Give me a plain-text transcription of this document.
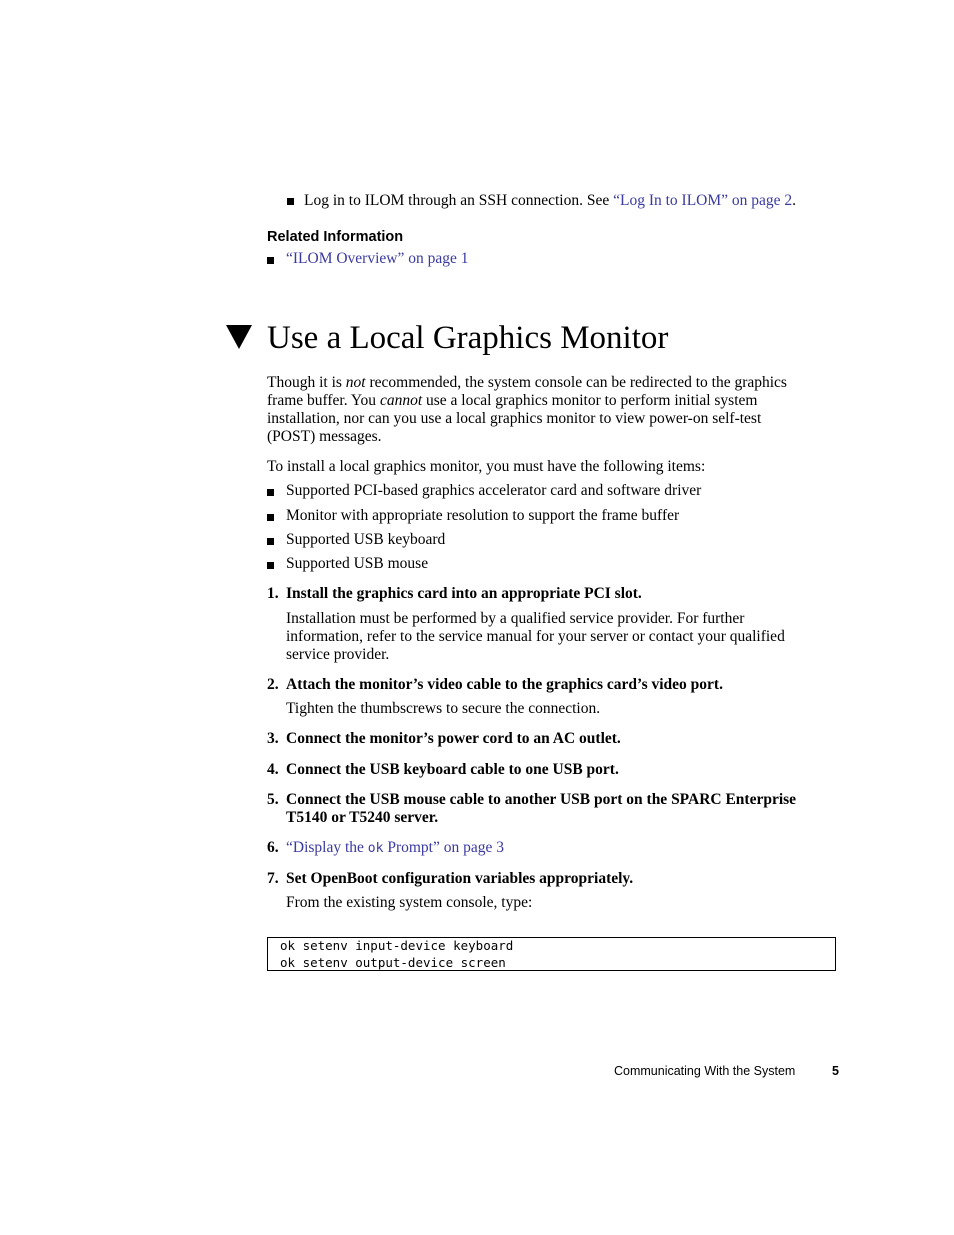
Log in to ILOM through an SSH connection. See “Log In to ILOM” on page 2.
Related Information
“ILOM Overview” on page 1
Use a Local Graphics Monitor
Though it is not recommended, the system console can be redirected to the graphics
frame buffer. You cannot use a local graphics monitor to perform initial system
installation, nor can you use a local graphics monitor to view power-on self-test
(POST) messages.
To install a local graphics monitor, you must have the following items:
Supported PCI-based graphics accelerator card and software driver
Monitor with appropriate resolution to support the frame buffer
Supported USB keyboard
Supported USB mouse
1. Install the graphics card into an appropriate PCI slot.
Installation must be performed by a qualified service provider. For further
information, refer to the service manual for your server or contact your qualified
service provider.
2. Attach the monitor’s video cable to the graphics card’s video port.
Tighten the thumbscrews to secure the connection.
3. Connect the monitor’s power cord to an AC outlet.
4. Connect the USB keyboard cable to one USB port.
5. Connect the USB mouse cable to another USB port on the SPARC Enterprise
T5140 or T5240 server.
6. “Display the ok Prompt” on page 3
7. Set OpenBoot configuration variables appropriately.
From the existing system console, type:
ok setenv input-device keyboard
ok setenv output-device screen
Communicating With the System	5
